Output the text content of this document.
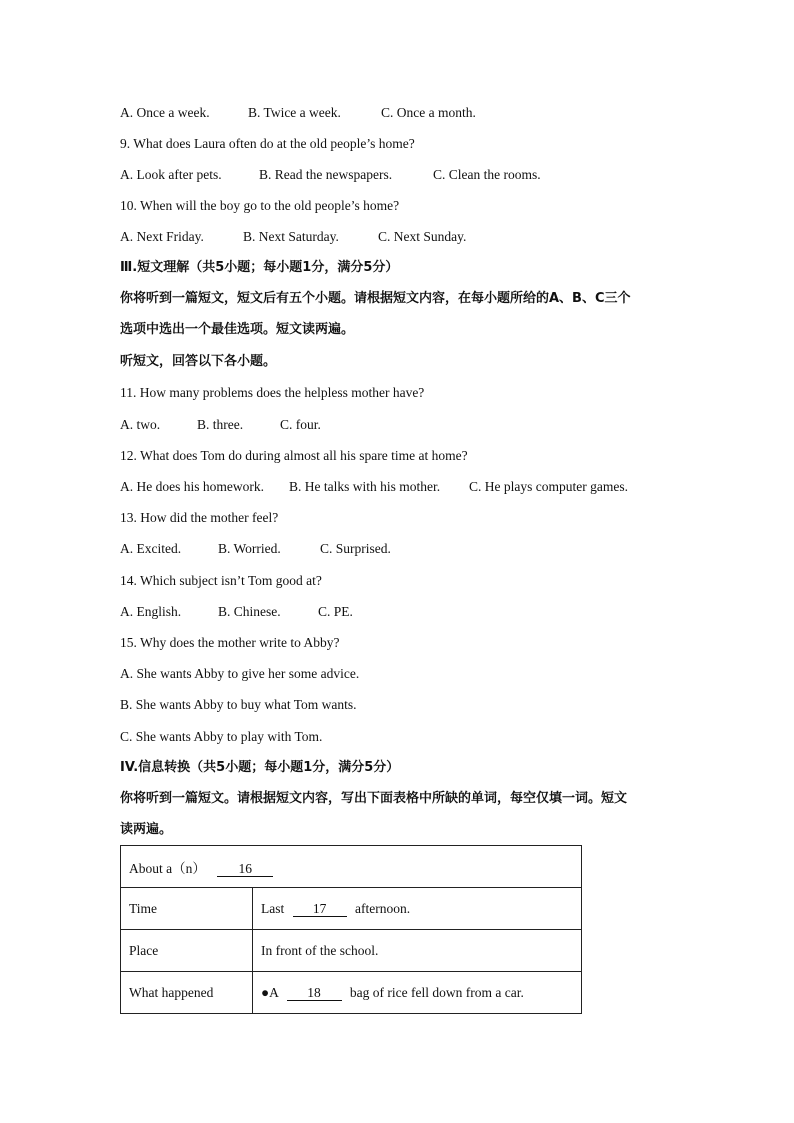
A. Once a week.	B. Twice a week.	C. Once a month.
9. What does Laura often do at the old people’s home?
A. Look after pets.	B. Read the newspapers.	C. Clean the rooms.
10. When will the boy go to the old people’s home?
A. Next Friday.	B. Next Saturday.	C. Next Sunday.
Ⅲ.短文理解（共5小题；每小题1分，满分5分）
你将听到一篇短文，短文后有五个小题。请根据短文内容，在每小题所给的A、B、C三个
选项中选出一个最佳选项。短文读两遍。
听短文，回答以下各小题。
11. How many problems does the helpless mother have?
A. two.	B. three.	C. four.
12. What does Tom do during almost all his spare time at home?
A. He does his homework. B. He talks with his mother. C. He plays computer games.
13. How did the mother feel?
A. Excited.	B. Worried.	C. Surprised.
14. Which subject isn’t Tom good at?
A. English.	B. Chinese.	C. PE.
15. Why does the mother write to Abby?
A. She wants Abby to give her some advice.
B. She wants Abby to buy what Tom wants.
C. She wants Abby to play with Tom.
IV.信息转换（共5小题；每小题1分，满分5分）
你将听到一篇短文。请根据短文内容，写出下面表格中所缺的单词，每空仅填一词。短文
读两遍。
About a（n） 16	
Time	Last 17 afternoon.
Place	In front of the school.
What happened	●A 18 bag of rice fell down from a car.
